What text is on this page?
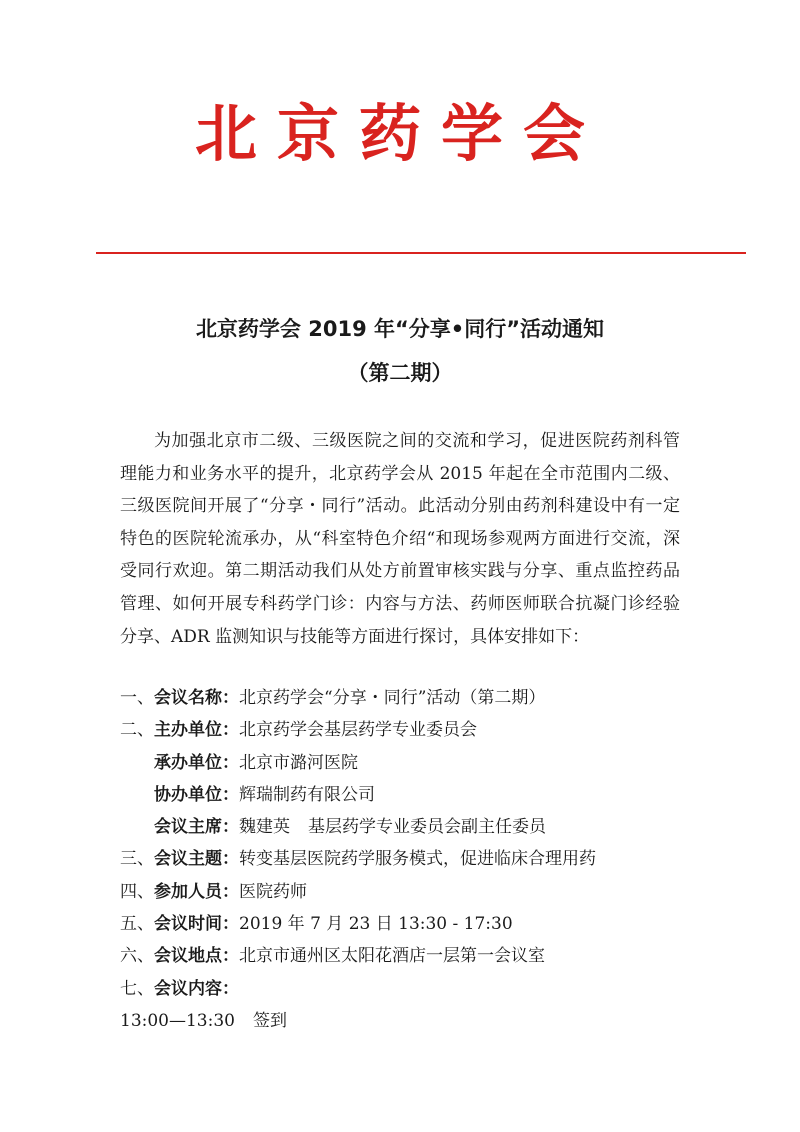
北京药学会
北京药学会 2019 年“分享•同行”活动通知
（第二期）
为加强北京市二级、三级医院之间的交流和学习，促进医院药剂科管理能力和业务水平的提升，北京药学会从 2015 年起在全市范围内二级、三级医院间开展了“分享・同行”活动。此活动分别由药剂科建设中有一定特色的医院轮流承办，从“科室特色介绍“和现场参观两方面进行交流，深受同行欢迎。第二期活动我们从处方前置审核实践与分享、重点监控药品管理、如何开展专科药学门诊：内容与方法、药师医师联合抗凝门诊经验分享、ADR 监测知识与技能等方面进行探讨，具体安排如下：
一、会议名称：北京药学会“分享・同行”活动（第二期）
二、主办单位：北京药学会基层药学专业委员会
承办单位：北京市潞河医院
协办单位：辉瑞制药有限公司
会议主席：魏建英 基层药学专业委员会副主任委员
三、会议主题：转变基层医院药学服务模式，促进临床合理用药
四、参加人员：医院药师
五、会议时间：2019 年 7 月 23 日 13:30 - 17:30
六、会议地点：北京市通州区太阳花酒店一层第一会议室
七、会议内容：
13:00—13:30 签到
